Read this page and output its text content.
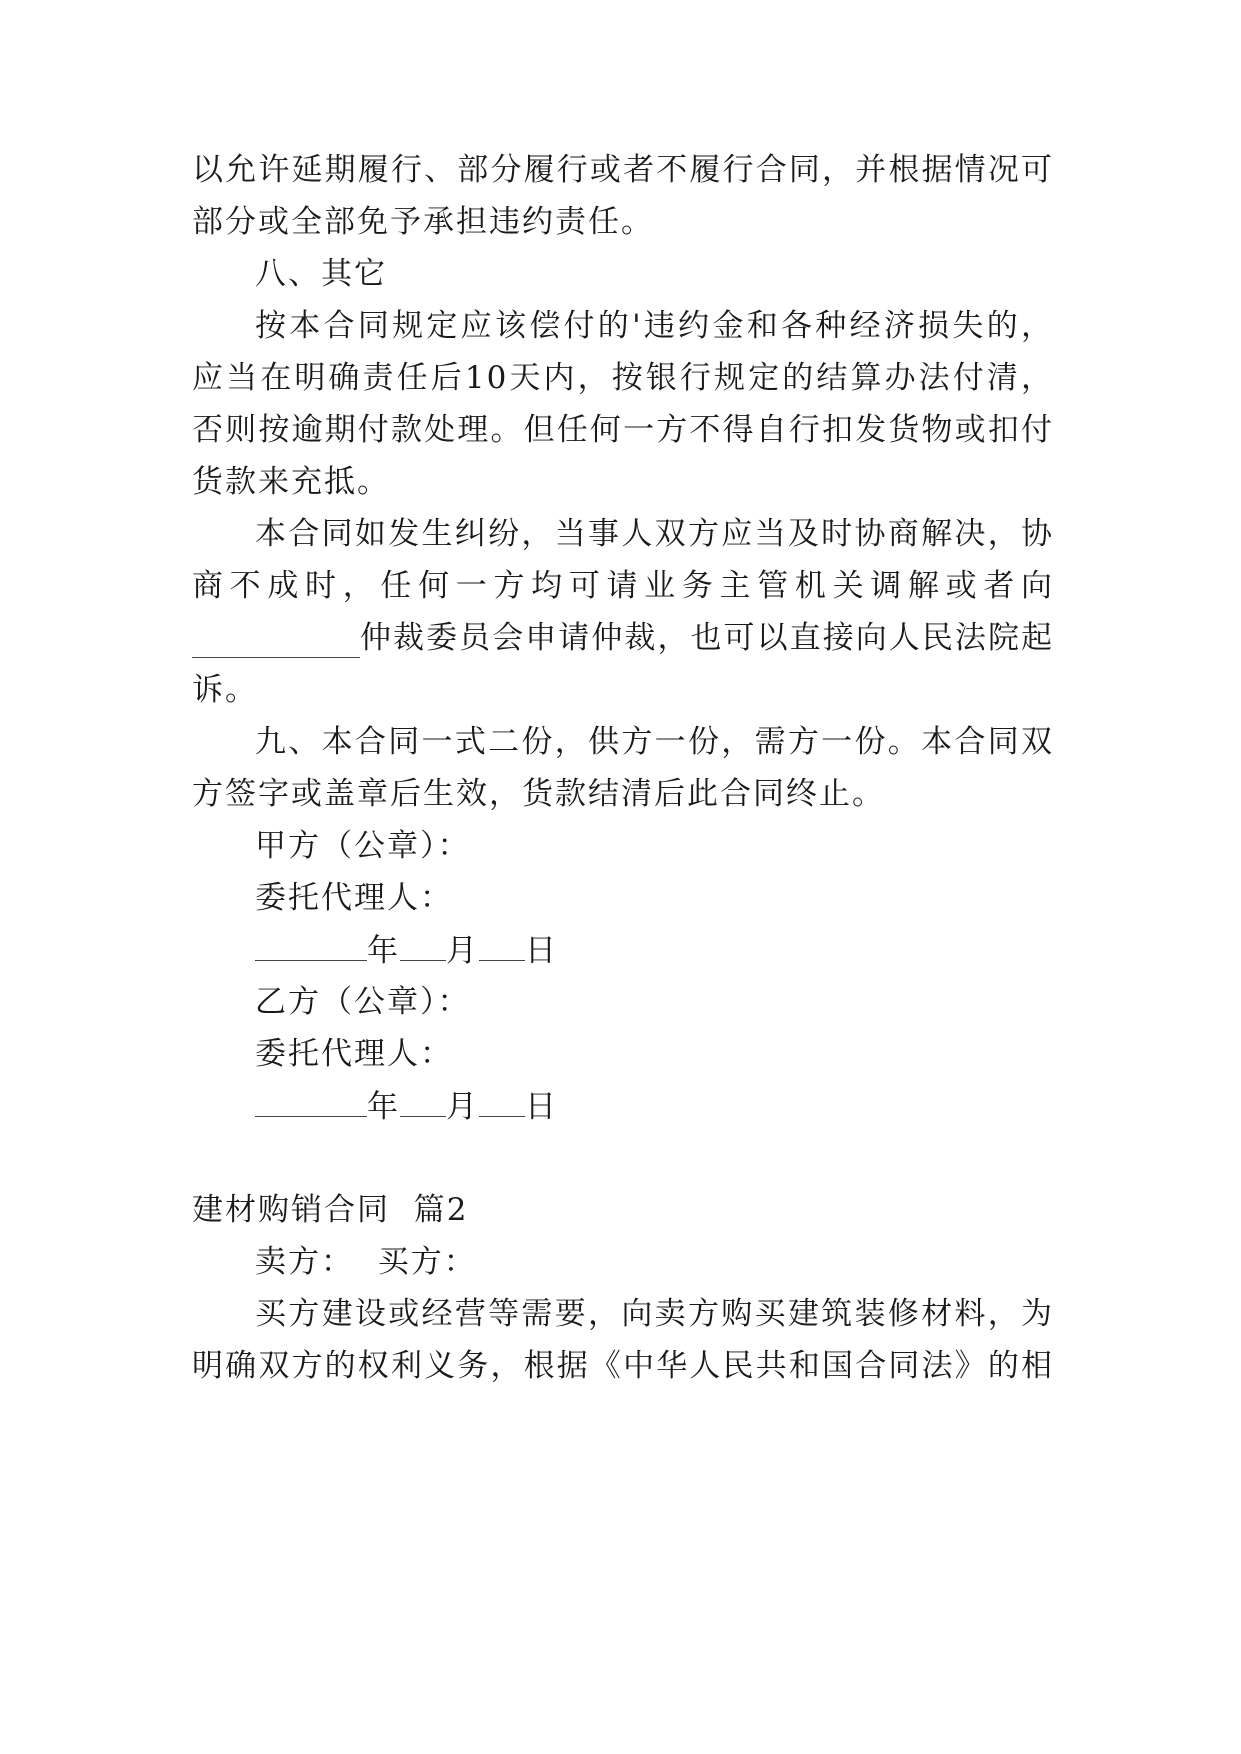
以允许延期履行、部分履行或者不履行合同，并根据情况可
部分或全部免予承担违约责任。
八、其它
按本合同规定应该偿付的'违约金和各种经济损失的，
应当在明确责任后10天内，按银行规定的结算办法付清，
否则按逾期付款处理。但任何一方不得自行扣发货物或扣付
货款来充抵。
本合同如发生纠纷，当事人双方应当及时协商解决，协
商不成时，任何一方均可请业务主管机关调解或者向
仲裁委员会申请仲裁，也可以直接向人民法院起
诉。
九、本合同一式二份，供方一份，需方一份。本合同双
方签字或盖章后生效，货款结清后此合同终止。
甲方（公章）：
委托代理人：
年 月 日
乙方（公章）：
委托代理人：
年 月 日
建材购销合同  篇2
卖方：  买方：
买方建设或经营等需要，向卖方购买建筑装修材料，为
明确双方的权利义务，根据《中华人民共和国合同法》的相
